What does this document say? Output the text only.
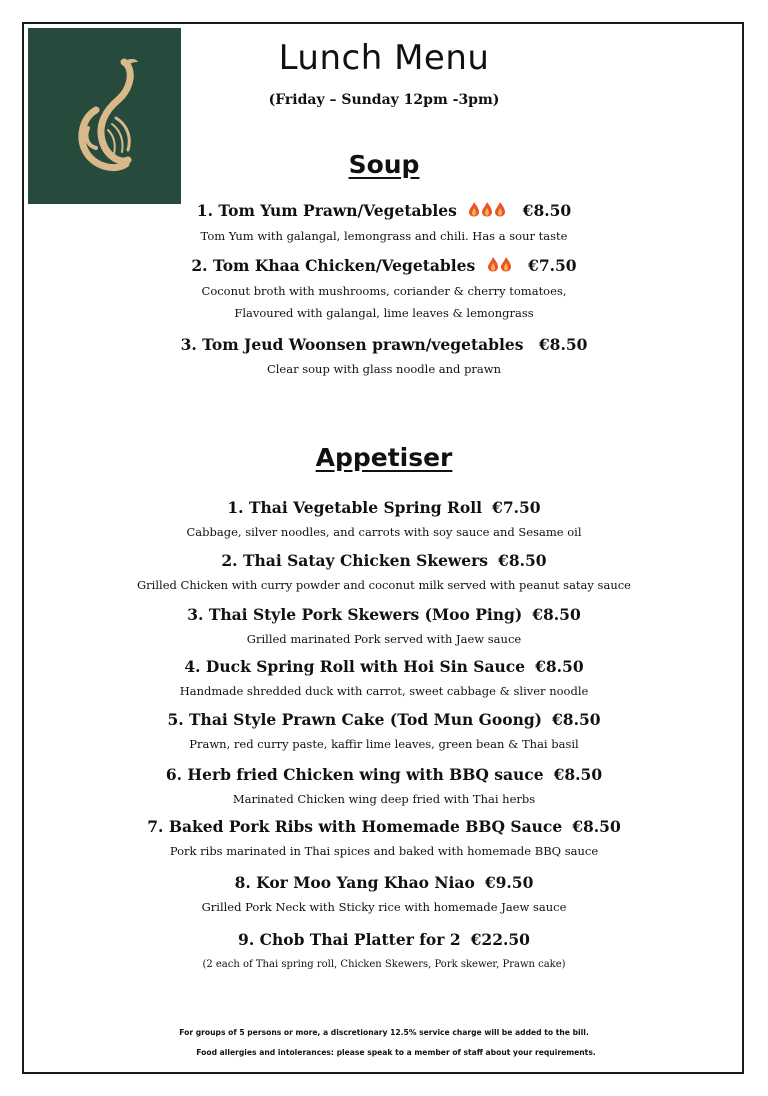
Lunch Menu
(Friday – Sunday 12pm -3pm)
Soup
1. Tom Yum Prawn/Vegetables	€8.50
Tom Yum with galangal, lemongrass and chili. Has a sour taste
2. Tom Khaa Chicken/Vegetables	€7.50
Coconut broth with mushrooms, coriander & cherry tomatoes,
Flavoured with galangal, lime leaves & lemongrass
3. Tom Jeud Woonsen prawn/vegetables €8.50
Clear soup with glass noodle and prawn
Appetiser
1. Thai Vegetable Spring Roll €7.50
Cabbage, silver noodles, and carrots with soy sauce and Sesame oil
2. Thai Satay Chicken Skewers €8.50
Grilled Chicken with curry powder and coconut milk served with peanut satay sauce
3. Thai Style Pork Skewers (Moo Ping) €8.50
Grilled marinated Pork served with Jaew sauce
4. Duck Spring Roll with Hoi Sin Sauce €8.50
Handmade shredded duck with carrot, sweet cabbage & sliver noodle
5. Thai Style Prawn Cake (Tod Mun Goong) €8.50
Prawn, red curry paste, kaffir lime leaves, green bean & Thai basil
6. Herb fried Chicken wing with BBQ sauce €8.50
Marinated Chicken wing deep fried with Thai herbs
7. Baked Pork Ribs with Homemade BBQ Sauce €8.50
Pork ribs marinated in Thai spices and baked with homemade BBQ sauce
8. Kor Moo Yang Khao Niao €9.50
Grilled Pork Neck with Sticky rice with homemade Jaew sauce
9. Chob Thai Platter for 2 €22.50
(2 each of Thai spring roll, Chicken Skewers, Pork skewer, Prawn cake)
For groups of 5 persons or more, a discretionary 12.5% service charge will be added to the bill.
Food allergies and intolerances: please speak to a member of staff about your requirements.
